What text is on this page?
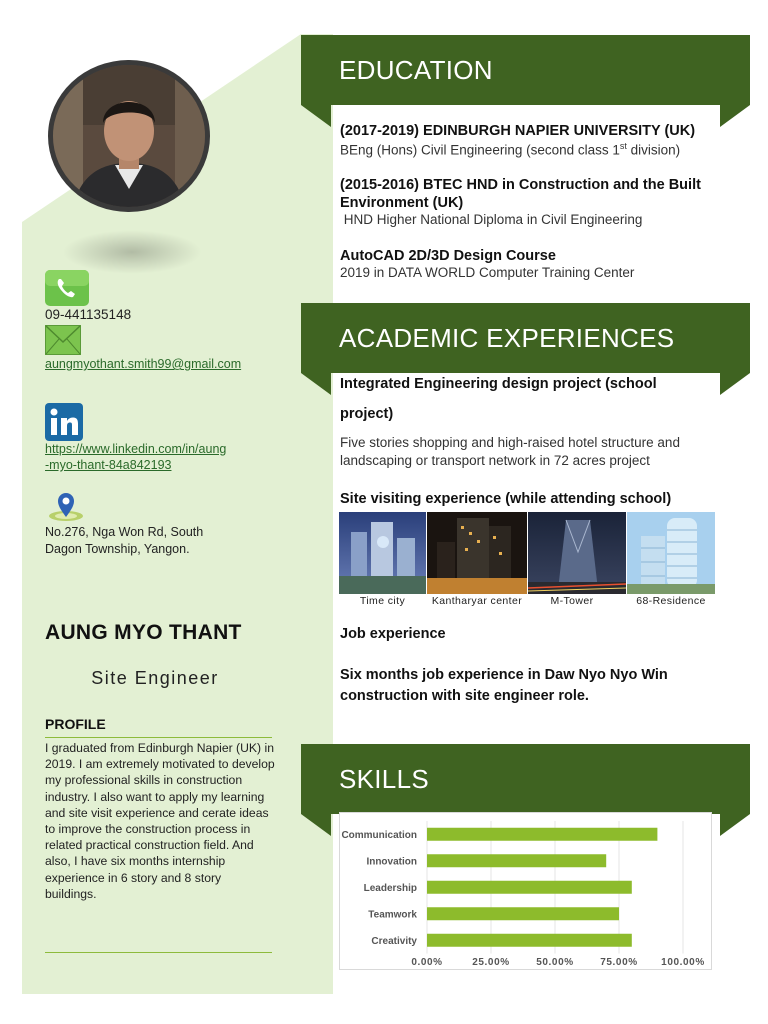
09-441135148
aungmyothant.smith99@gmail.com
https://www.linkedin.com/in/aung
-myo-thant-84a842193
No.276, Nga Won Rd, South
Dagon Township, Yangon.
AUNG MYO THANT
Site Engineer
PROFILE
I graduated from Edinburgh Napier (UK) in 2019. I am extremely motivated to develop my professional skills in construction industry. I also want to apply my learning and site visit experience and cerate ideas to improve the construction process in related practical construction field. And also, I have six months internship experience in 6 story and 8 story buildings.
EDUCATION
(2017-2019) EDINBURGH NAPIER UNIVERSITY (UK)
BEng (Hons) Civil Engineering (second class 1st division)
(2015-2016) BTEC HND in Construction and the Built
Environment (UK)
HND Higher National Diploma in Civil Engineering
AutoCAD 2D/3D Design Course
2019 in DATA WORLD Computer Training Center
ACADEMIC EXPERIENCES
Integrated Engineering design project (school
project)
Five stories shopping and high-raised hotel structure and
landscaping or transport network in 72 acres project
Site visiting experience (while attending school)
Time city	Kantharyar center	M-Tower	68-Residence
Job experience
Six months job experience in Daw Nyo Nyo Win
construction with site engineer role.
SKILLS
0.00%	25.00%	50.00%	75.00% 100.00%
Communication
Innovation
Leadership
Teamwork
Creativity
